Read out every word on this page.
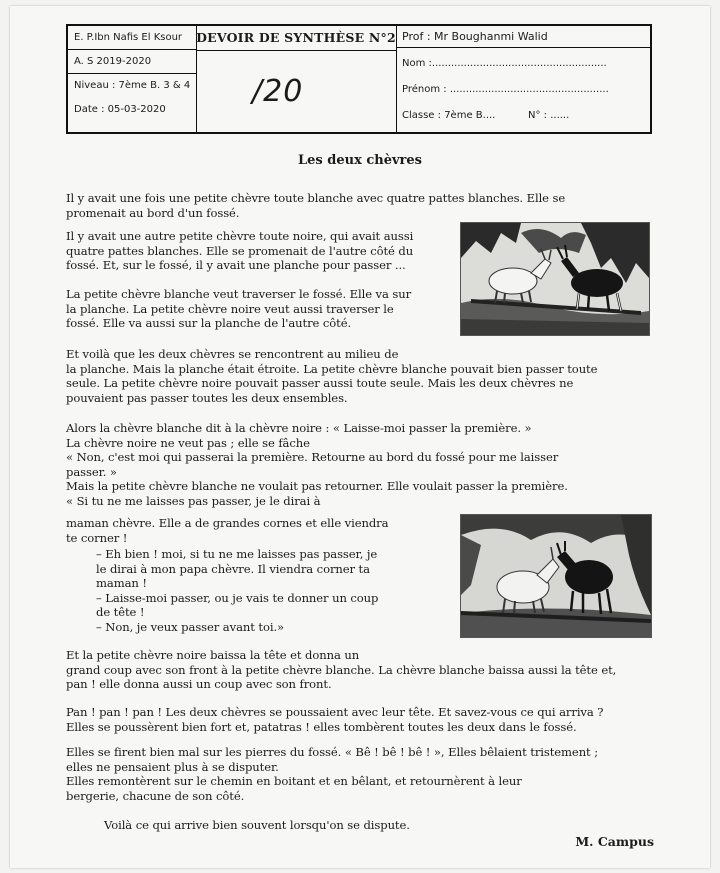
E. P.Ibn Nafis El Ksour
A. S 2019-2020
Niveau : 7ème B. 3 & 4
Date : 05-03-2020
DEVOIR DE SYNTHÈSE N°2
/20
Prof : Mr Boughanmi Walid
Nom :.......................................................
Prénom : ..................................................
Classe : 7ème B....	N° : ......
Les deux chèvres
Il y avait une fois une petite chèvre toute blanche avec quatre pattes blanches. Elle se
promenait au bord d'un fossé.
Il y avait une autre petite chèvre toute noire, qui avait aussi
quatre pattes blanches. Elle se promenait de l'autre côté du
fossé. Et, sur le fossé, il y avait une planche pour passer ...
La petite chèvre blanche veut traverser le fossé. Elle va sur
la planche. La petite chèvre noire veut aussi traverser le
fossé. Elle va aussi sur la planche de l'autre côté.
Et voilà que les deux chèvres se rencontrent au milieu de
la planche. Mais la planche était étroite. La petite chèvre blanche pouvait bien passer toute
seule. La petite chèvre noire pouvait passer aussi toute seule. Mais les deux chèvres ne
pouvaient pas passer toutes les deux ensembles.
Alors la chèvre blanche dit à la chèvre noire : « Laisse-moi passer la première. »
La chèvre noire ne veut pas ; elle se fâche
« Non, c'est moi qui passerai la première. Retourne au bord du fossé pour me laisser
passer. »
Mais la petite chèvre blanche ne voulait pas retourner. Elle voulait passer la première.
« Si tu ne me laisses pas passer, je le dirai à
maman chèvre. Elle a de grandes cornes et elle viendra
te corner !
– Eh bien ! moi, si tu ne me laisses pas passer, je
le dirai à mon papa chèvre. Il viendra corner ta
maman !
– Laisse-moi passer, ou je vais te donner un coup
de tête !
– Non, je veux passer avant toi.»
Et la petite chèvre noire baissa la tête et donna un
grand coup avec son front à la petite chèvre blanche. La chèvre blanche baissa aussi la tête et,
pan ! elle donna aussi un coup avec son front.
Pan ! pan ! pan ! Les deux chèvres se poussaient avec leur tête. Et savez-vous ce qui arriva ?
Elles se poussèrent bien fort et, patatras ! elles tombèrent toutes les deux dans le fossé.
Elles se firent bien mal sur les pierres du fossé. « Bê ! bê ! bê ! », Elles bêlaient tristement ;
elles ne pensaient plus à se disputer.
Elles remontèrent sur le chemin en boitant et en bêlant, et retournèrent à leur
bergerie, chacune de son côté.
Voilà ce qui arrive bien souvent lorsqu'on se dispute.
M. Campus
